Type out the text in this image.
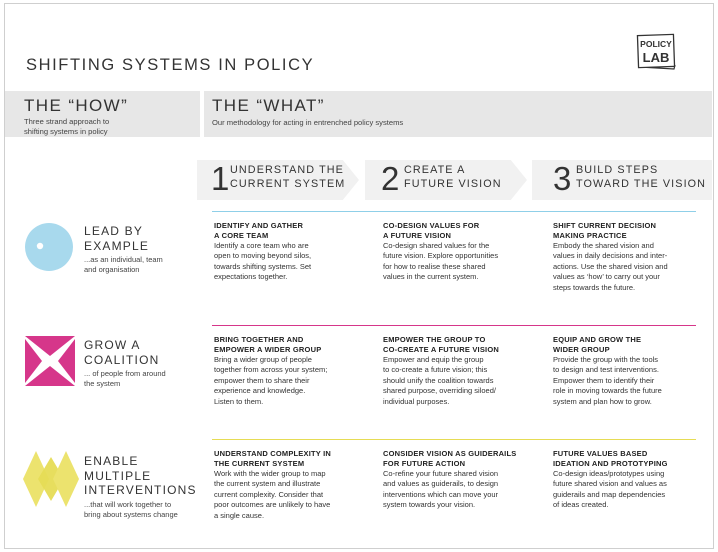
SHIFTING SYSTEMS IN POLICY
POLICY
LAB
THE “HOW”
Three strand approach to
shifting systems in policy
THE “WHAT”
Our methodology for acting in entrenched policy systems
1 UNDERSTAND THE
CURRENT SYSTEM 2 CREATE A
FUTURE VISION 3 BUILD STEPS
TOWARD THE VISION
LEAD BY
EXAMPLE
...as an individual, team
and organisation
GROW A
COALITION
... of people from around
the system
ENABLE
MULTIPLE
INTERVENTIONS
...that will work together to
bring about systems change
IDENTIFY AND GATHER
A CORE TEAM
Identify a core team who are
open to moving beyond silos,
towards shifting systems. Set
expectations together.
CO-DESIGN VALUES FOR
A FUTURE VISION
Co-design shared values for the
future vision. Explore opportunities
for how to realise these shared
values in the current system.
SHIFT CURRENT DECISION
MAKING PRACTICE
Embody the shared vision and
values in daily decisions and inter-
actions. Use the shared vision and
values as ‘how’ to carry out your
steps towards the future.
BRING TOGETHER AND
EMPOWER A WIDER GROUP
Bring a wider group of people
together from across your system;
empower them to share their
experience and knowledge.
Listen to them.
EMPOWER THE GROUP TO
CO-CREATE A FUTURE VISION
Empower and equip the group
to co-create a future vision; this
should unify the coalition towards
shared purpose, overriding siloed/
individual purposes.
EQUIP AND GROW THE
WIDER GROUP
Provide the group with the tools
to design and test interventions.
Empower them to identify their
role in moving towards the future
system and plan how to grow.
UNDERSTAND COMPLEXITY IN
THE CURRENT SYSTEM
Work with the wider group to map
the current system and illustrate
current complexity. Consider that
poor outcomes are unlikely to have
a single cause.
CONSIDER VISION AS GUIDERAILS
FOR FUTURE ACTION
Co-refine your future shared vision
and values as guiderails, to design
interventions which can move your
system towards your vision.
FUTURE VALUES BASED
IDEATION AND PROTOTYPING
Co-design ideas/prototypes using
future shared vision and values as
guiderails and map dependencies
of ideas created.
